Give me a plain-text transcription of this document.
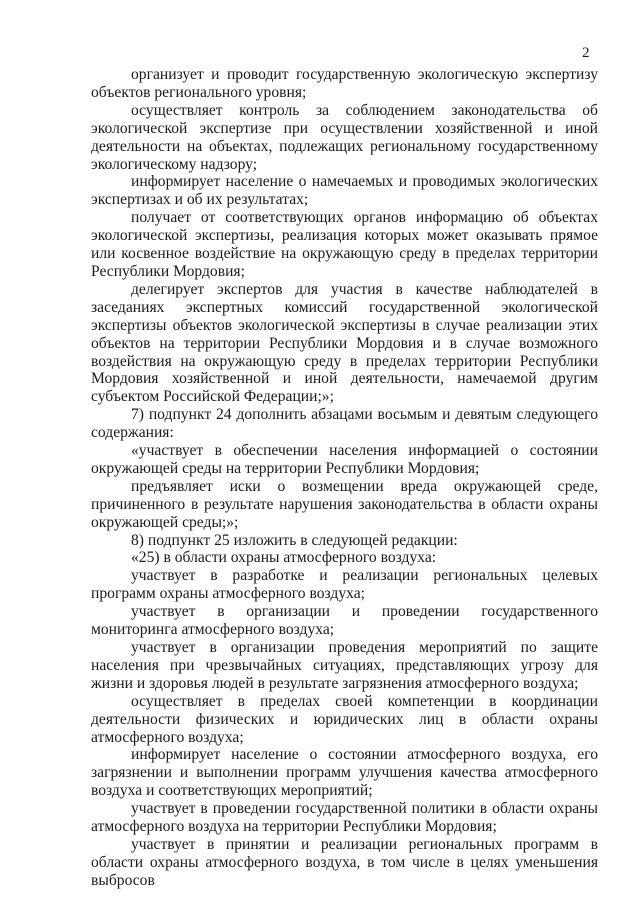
2

организует и проводит государственную экологическую экспертизу объектов регионального уровня;

осуществляет контроль за соблюдением законодательства об экологической экспертизе при осуществлении хозяйственной и иной деятельности на объектах, подлежащих региональному государственному экологическому надзору;

информирует население о намечаемых и проводимых экологических экспертизах и об их результатах;

получает от соответствующих органов информацию об объектах экологической экспертизы, реализация которых может оказывать прямое или косвенное воздействие на окружающую среду в пределах территории Республики Мордовия;

делегирует экспертов для участия в качестве наблюдателей в заседаниях экспертных комиссий государственной экологической экспертизы объектов экологической экспертизы в случае реализации этих объектов на территории Республики Мордовия и в случае возможного воздействия на окружающую среду в пределах территории Республики Мордовия хозяйственной и иной деятельности, намечаемой другим субъектом Российской Федерации;»;

7) подпункт 24 дополнить абзацами восьмым и девятым следующего содержания:

«участвует в обеспечении населения информацией о состоянии окружающей среды на территории Республики Мордовия;

предъявляет иски о возмещении вреда окружающей среде, причиненного в результате нарушения законодательства в области охраны окружающей среды;»;

8) подпункт 25 изложить в следующей редакции:

«25) в области охраны атмосферного воздуха:

участвует в разработке и реализации региональных целевых программ охраны атмосферного воздуха;

участвует в организации и проведении государственного мониторинга атмосферного воздуха;

участвует в организации проведения мероприятий по защите населения при чрезвычайных ситуациях, представляющих угрозу для жизни и здоровья людей в результате загрязнения атмосферного воздуха;

осуществляет в пределах своей компетенции в координации деятельности физических и юридических лиц в области охраны атмосферного воздуха;

информирует население о состоянии атмосферного воздуха, его загрязнении и выполнении программ улучшения качества атмосферного воздуха и соответствующих мероприятий;

участвует в проведении государственной политики в области охраны атмосферного воздуха на территории Республики Мордовия;

участвует в принятии и реализации региональных программ в области охраны атмосферного воздуха, в том числе в целях уменьшения выбросов
